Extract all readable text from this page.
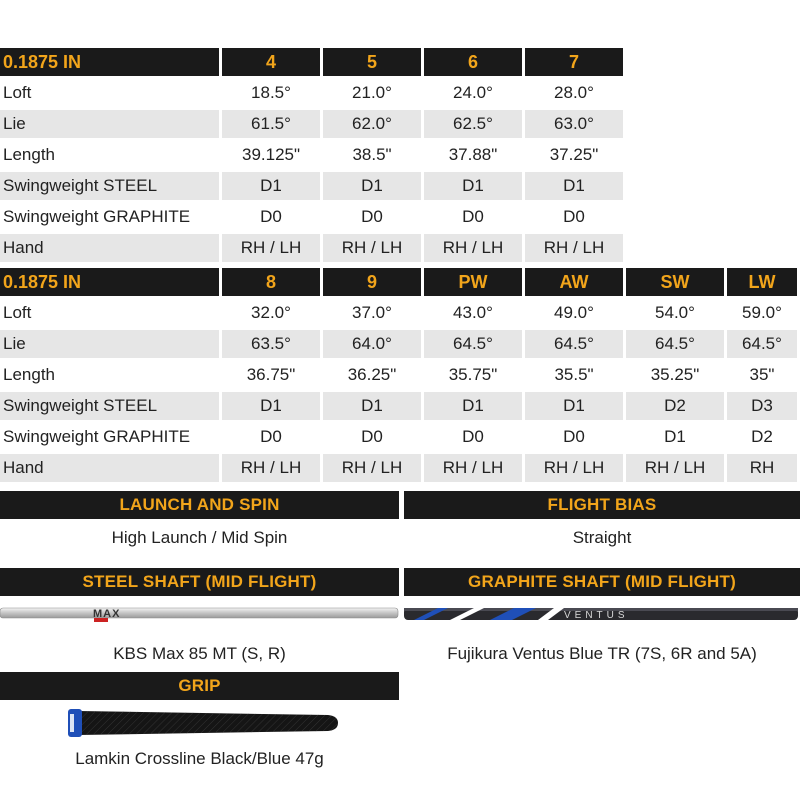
0.1875 IN	4	5	6	7
Loft	18.5°	21.0°	24.0°	28.0°
Lie	61.5°	62.0°	62.5°	63.0°
Length	39.125"	38.5"	37.88"	37.25"
Swingweight STEEL	D1	D1	D1	D1
Swingweight GRAPHITE	D0	D0	D0	D0
Hand	RH / LH	RH / LH	RH / LH	RH / LH
0.1875 IN	8	9	PW	AW	SW	LW
Loft	32.0°	37.0°	43.0°	49.0°	54.0°	59.0°
Lie	63.5°	64.0°	64.5°	64.5°	64.5°	64.5°
Length	36.75"	36.25"	35.75"	35.5"	35.25"	35"
Swingweight STEEL	D1	D1	D1	D1	D2	D3
Swingweight GRAPHITE	D0	D0	D0	D0	D1	D2
Hand	RH / LH	RH / LH	RH / LH	RH / LH	RH / LH	RH
LAUNCH AND SPIN	FLIGHT BIAS
High Launch / Mid Spin	Straight
STEEL SHAFT (MID FLIGHT)	GRAPHITE SHAFT (MID FLIGHT)
MAX
KBS Max 85 MT (S, R)
VENTUS
Fujikura Ventus Blue TR (7S, 6R and 5A)
GRIP
Lamkin Crossline Black/Blue 47g
